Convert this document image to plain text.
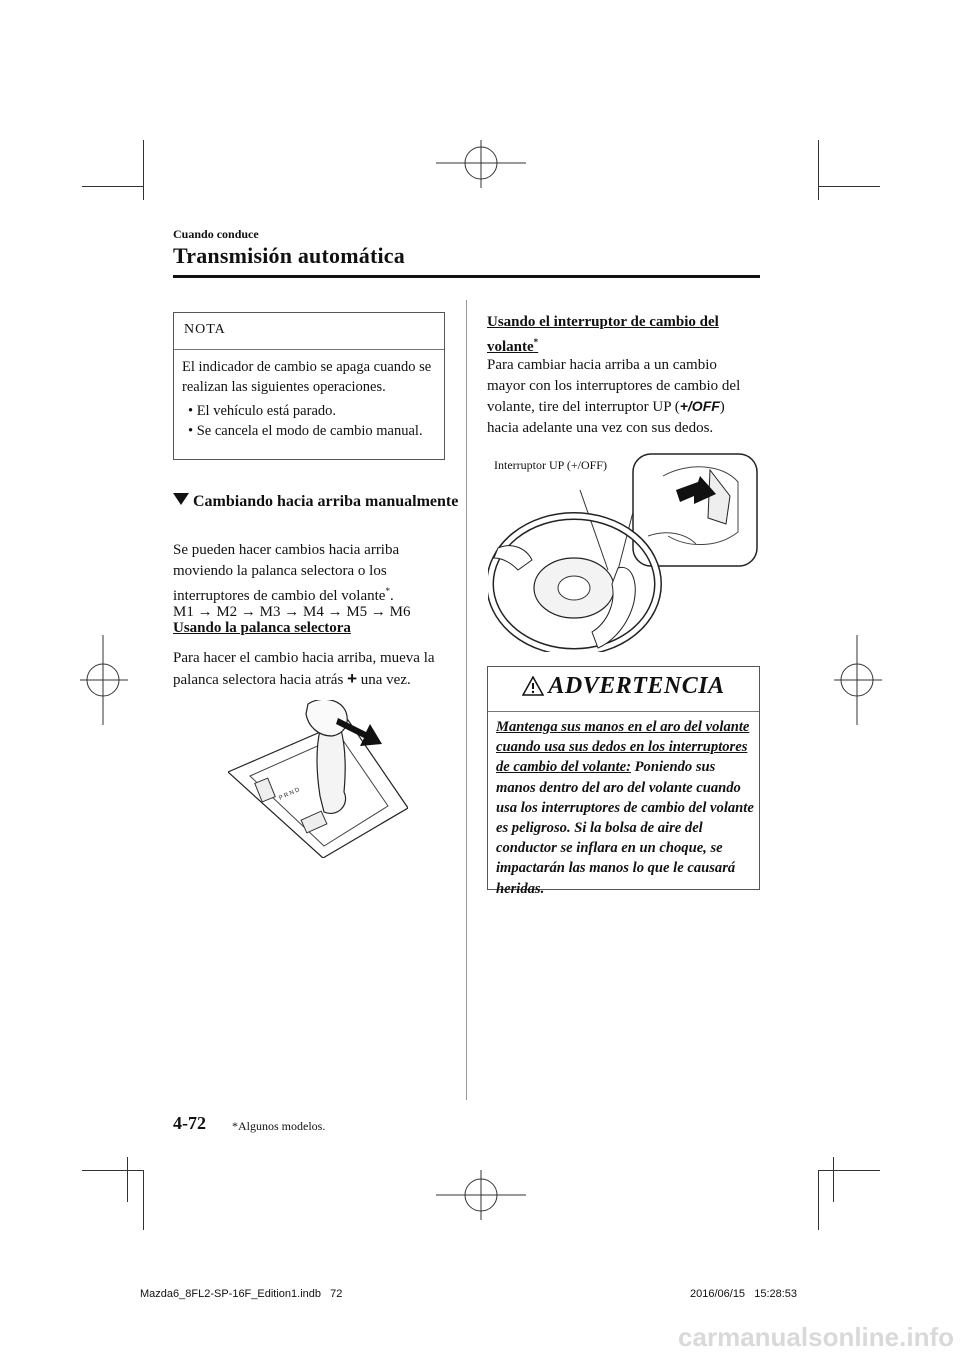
Cuando conduce
Transmisión automática
NOTA
El indicador de cambio se apaga cuando se realizan las siguientes operaciones.
• El vehículo está parado.
• Se cancela el modo de cambio manual.
Cambiando hacia arriba manualmente
Se pueden hacer cambios hacia arriba moviendo la palanca selectora o los interruptores de cambio del volante*.
M1 → M2 → M3 → M4 → M5 → M6
Usando la palanca selectora
Para hacer el cambio hacia arriba, mueva la palanca selectora hacia atrás + una vez.
P R N D
Usando el interruptor de cambio del volante*
Para cambiar hacia arriba a un cambio mayor con los interruptores de cambio del volante, tire del interruptor UP (+/OFF) hacia adelante una vez con sus dedos.
Interruptor UP (+/OFF)
ADVERTENCIA
Mantenga sus manos en el aro del volante cuando usa sus dedos en los interruptores de cambio del volante: Poniendo sus manos dentro del aro del volante cuando usa los interruptores de cambio del volante es peligroso. Si la bolsa de aire del conductor se inflara en un choque, se impactarán las manos lo que le causará heridas.
4-72 *Algunos modelos.
Mazda6_8FL2-SP-16F_Edition1.indb   72	2016/06/15   15:28:53
carmanualsonline.info
